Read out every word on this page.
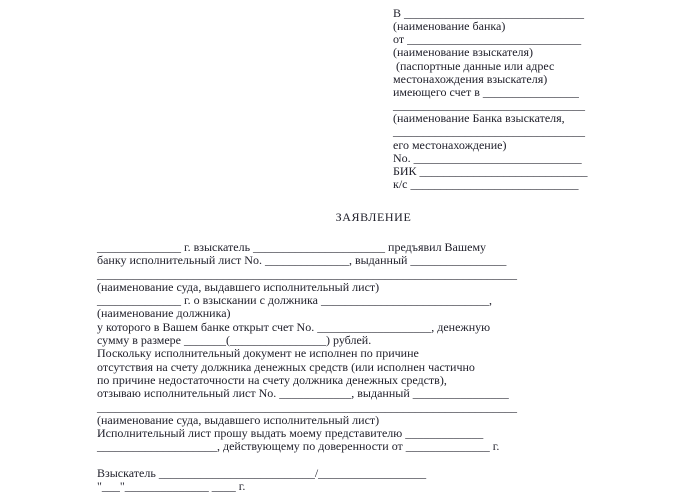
В ______________________________
(наименование банка)
от _____________________________
(наименование взыскателя)
(паспортные данные или адрес
местонахождения взыскателя)
имеющего счет в ________________
________________________________
(наименование Банка взыскателя,
________________________________
его местонахождение)
No. ____________________________
БИК ____________________________
к/с ____________________________
ЗАЯВЛЕНИЕ
______________ г. взыскатель ______________________ предъявил Вашему
банку исполнительный лист No. ______________, выданный ________________
______________________________________________________________________
(наименование суда, выдавшего исполнительный лист)
______________ г. о взыскании с должника ____________________________,
(наименование должника)
у которого в Вашем банке открыт счет No. ___________________, денежную
сумму в размере _______(________________) рублей.
Поскольку исполнительный документ не исполнен по причине
отсутствия на счету должника денежных средств (или исполнен частично
по причине недостаточности на счету должника денежных средств),
отзываю исполнительный лист No. ____________, выданный ________________
______________________________________________________________________
(наименование суда, выдавшего исполнительный лист)
Исполнительный лист прошу выдать моему представителю _____________
____________________, действующему по доверенности от ______________ г.
Взыскатель __________________________/__________________
"___"______________ ____ г.
